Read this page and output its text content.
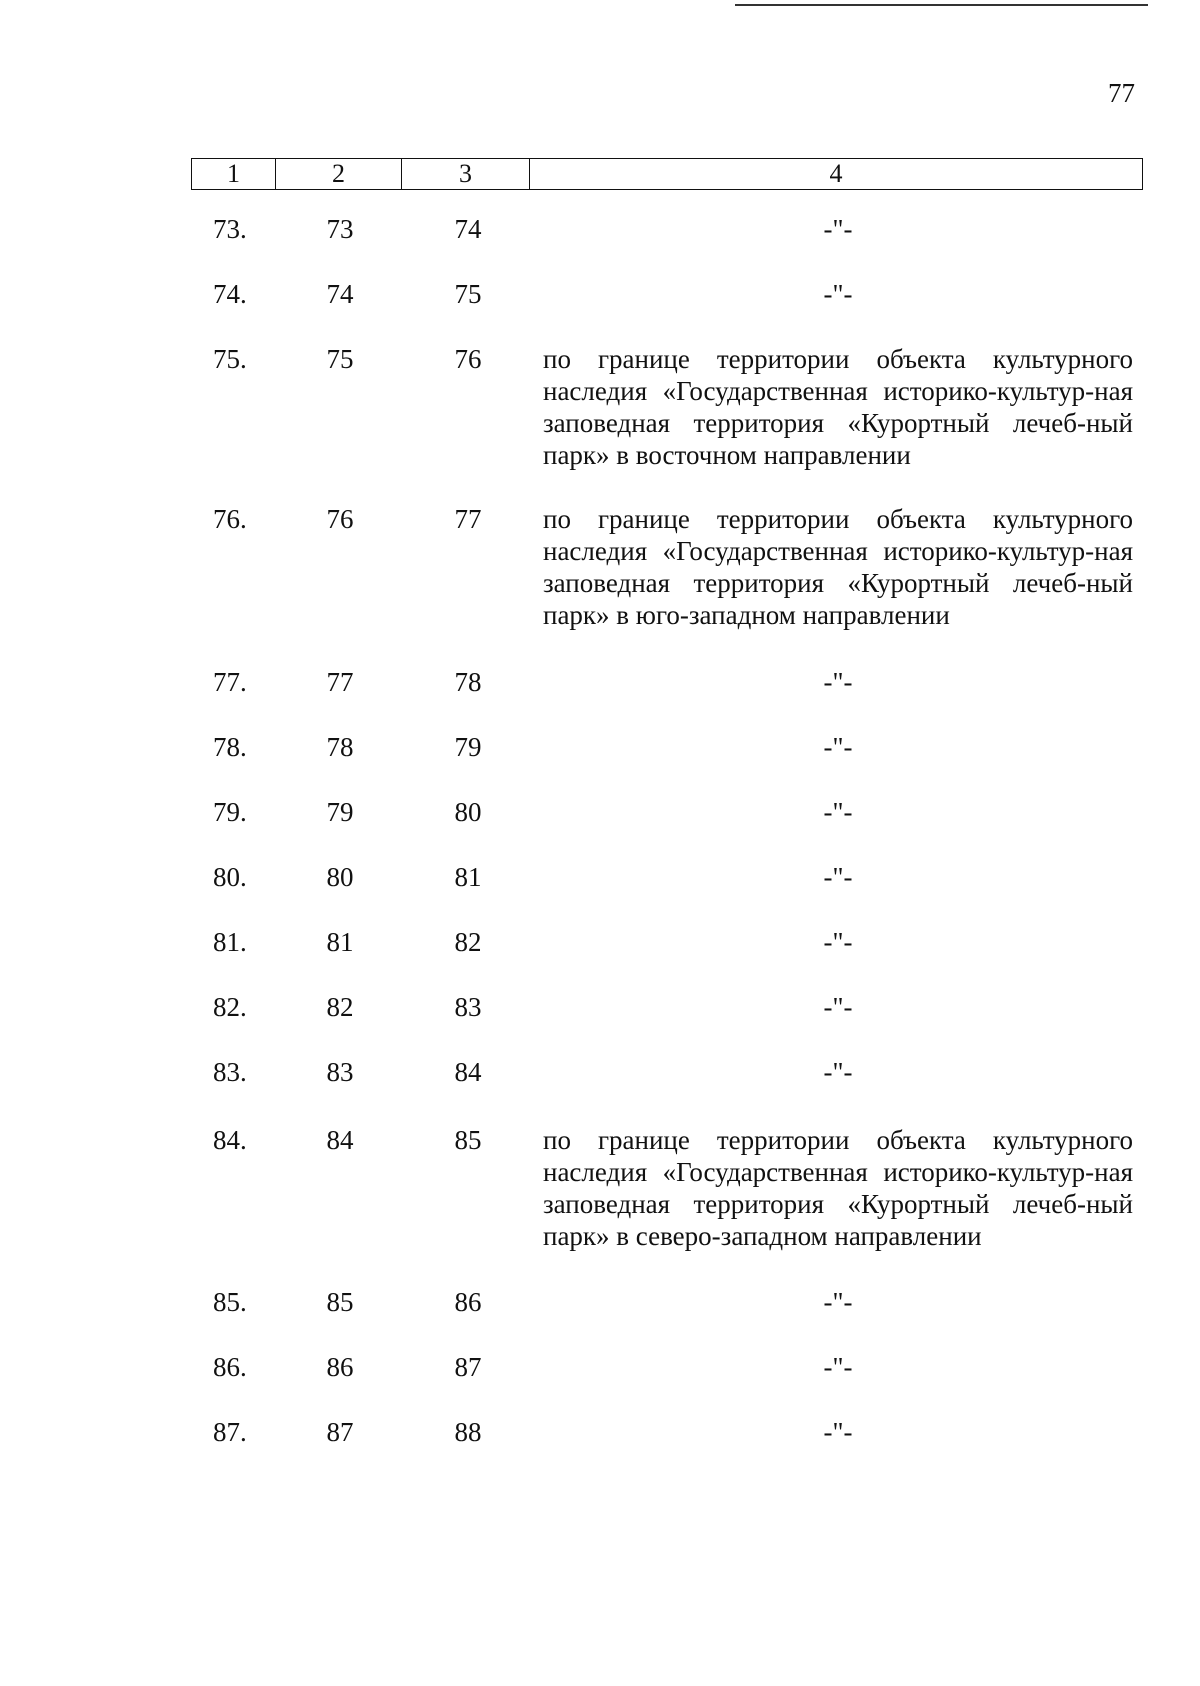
77
1	2	3	4
73.	73	74	-"-
74.	74	75	-"-
75.	75	76	по границе территории объекта культурного наследия «Государственная историко-культур-ная заповедная территория «Курортный лечеб-ный парк» в восточном направлении
76.	76	77	по границе территории объекта культурного наследия «Государственная историко-культур-ная заповедная территория «Курортный лечеб-ный парк» в юго-западном направлении
77.	77	78	-"-
78.	78	79	-"-
79.	79	80	-"-
80.	80	81	-"-
81.	81	82	-"-
82.	82	83	-"-
83.	83	84	-"-
84.	84	85	по границе территории объекта культурного наследия «Государственная историко-культур-ная заповедная территория «Курортный лечеб-ный парк» в северо-западном направлении
85.	85	86	-"-
86.	86	87	-"-
87.	87	88	-"-
